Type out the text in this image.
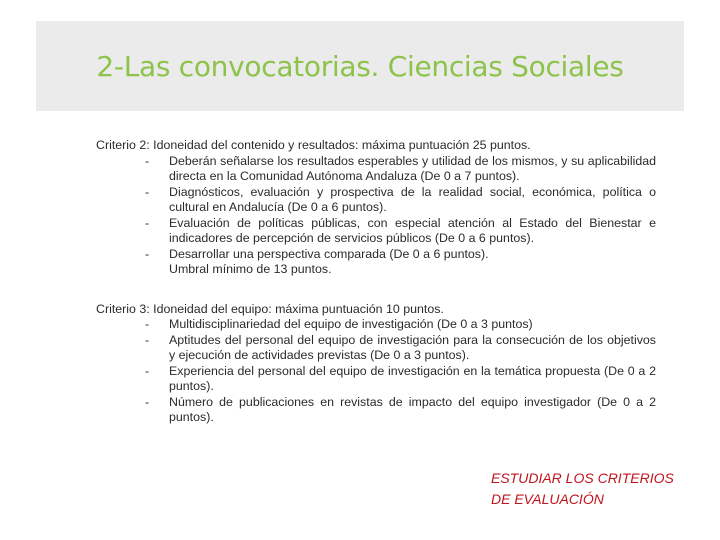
2-Las convocatorias. Ciencias Sociales

Criterio 2: Idoneidad del contenido y resultados: máxima puntuación 25 puntos.

- Deberán señalarse los resultados esperables y utilidad de los mismos, y su aplicabilidad directa en la Comunidad Autónoma Andaluza (De 0 a 7 puntos).
- Diagnósticos, evaluación y prospectiva de la realidad social, económica, política o cultural en Andalucía (De 0 a 6 puntos).
- Evaluación de políticas públicas, con especial atención al Estado del Bienestar e indicadores de percepción de servicios públicos (De 0 a 6 puntos).
- Desarrollar una perspectiva comparada (De 0 a 6 puntos).

Umbral mínimo de 13 puntos.

Criterio 3: Idoneidad del equipo: máxima puntuación 10 puntos.

- Multidisciplinariedad del equipo de investigación (De 0 a 3 puntos)
- Aptitudes del personal del equipo de investigación para la consecución de los objetivos y ejecución de actividades previstas (De 0 a 3 puntos).
- Experiencia del personal del equipo de investigación en la temática propuesta (De 0 a 2 puntos).
- Número de publicaciones en revistas de impacto del equipo investigador (De 0 a 2 puntos).
ESTUDIAR LOS CRITERIOS
DE EVALUACIÓN
